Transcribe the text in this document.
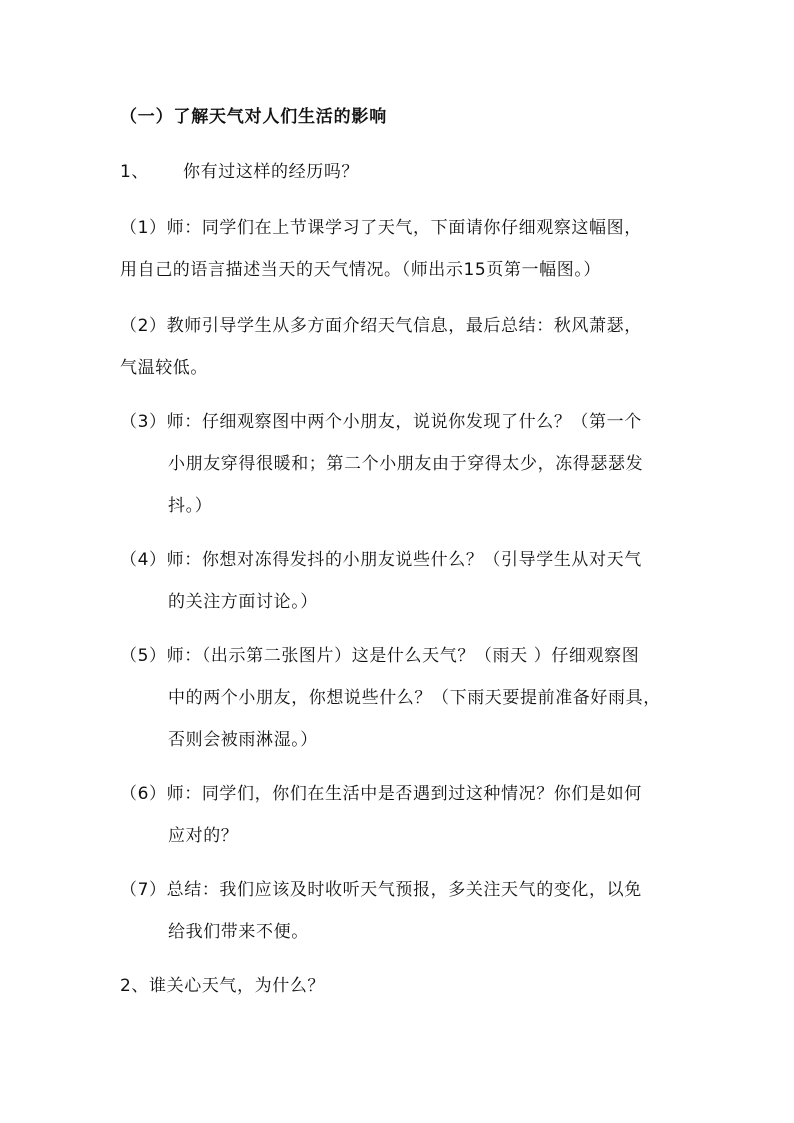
（一）了解天气对人们生活的影响
1、 你有过这样的经历吗？
（1）师：同学们在上节课学习了天气，下面请你仔细观察这幅图，
用自己的语言描述当天的天气情况。（师出示15页第一幅图。）
（2）教师引导学生从多方面介绍天气信息，最后总结：秋风萧瑟，
气温较低。
（3）师：仔细观察图中两个小朋友，说说你发现了什么？（第一个
小朋友穿得很暖和；第二个小朋友由于穿得太少，冻得瑟瑟发
抖。）
（4）师：你想对冻得发抖的小朋友说些什么？（引导学生从对天气
的关注方面讨论。）
（5）师：（出示第二张图片）这是什么天气？（雨天 ）仔细观察图
中的两个小朋友，你想说些什么？（下雨天要提前准备好雨具，
否则会被雨淋湿。）
（6）师：同学们，你们在生活中是否遇到过这种情况？你们是如何
应对的？
（7）总结：我们应该及时收听天气预报，多关注天气的变化，以免
给我们带来不便。
2、谁关心天气，为什么？
